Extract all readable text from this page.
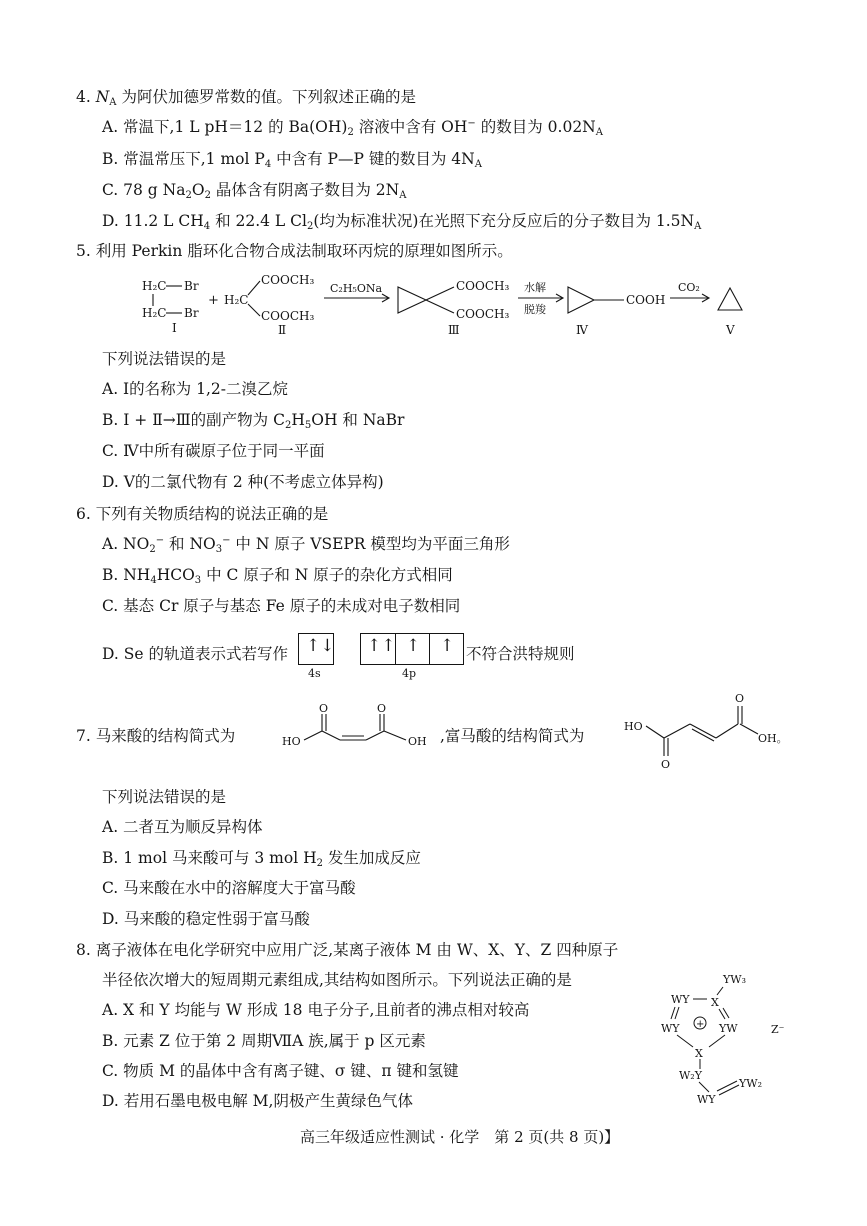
4. $N_A$ 为阿伏加德罗常数的值。下列叙述正确的是
A. 常温下,1 L pH＝12 的 $Ba(OH)_2$ 溶液中含有 OH− 的数目为 $0.02N_A$
B. 常温常压下,1 mol $P_4$ 中含有 P—P 键的数目为 $4N_A$
C. 78 g $Na_2O_2$ 晶体含有阴离子数目为 $2N_A$
D. 11.2 L $CH_4$ 和 22.4 L $Cl_2$(均为标准状况)在光照下充分反应后的分子数目为 $1.5N_A$
5. 利用 Perkin 脂环化合物合成法制取环丙烷的原理如图所示。
H₂C Br
H₂C Br
Ⅰ
+ H₂C
COOCH₃
COOCH₃
Ⅱ
C₂H₅ONa	COOCH₃
COOCH₃
Ⅲ
水解
脱羧
COOH
Ⅳ
CO₂
Ⅴ
下列说法错误的是
A. Ⅰ的名称为 1,2-二溴乙烷
B. Ⅰ + Ⅱ→Ⅲ的副产物为 $C_2H_5OH$ 和 NaBr
C. Ⅳ中所有碳原子位于同一平面
D. Ⅴ的二氯代物有 2 种(不考虑立体异构)
6. 下列有关物质结构的说法正确的是
A. $NO_2^-$ 和 $NO_3^-$ 中 N 原子 VSEPR 模型均为平面三角形
B. $NH_4HCO_3$ 中 C 原子和 N 原子的杂化方式相同
C. 基态 Cr 原子与基态 Fe 原子的未成对电子数相同
D. Se 的轨道表示式若写作 ↑↓
4s
↑↑ ↑ ↑
4p
不符合洪特规则
7. 马来酸的结构简式为	HO
O	O
OH ,富马酸的结构简式为
HO
O
O
OH。
下列说法错误的是
A. 二者互为顺反异构体
B. 1 mol 马来酸可与 3 mol $H_2$ 发生加成反应
C. 马来酸在水中的溶解度大于富马酸
D. 马来酸的稳定性弱于富马酸
8. 离子液体在电化学研究中应用广泛,某离子液体 M 由 W、X、Y、Z 四种原子
半径依次增大的短周期元素组成,其结构如图所示。下列说法正确的是
A. X 和 Y 均能与 W 形成 18 电子分子,且前者的沸点相对较高
B. 元素 Z 位于第 2 周期ⅦA 族,属于 p 区元素
C. 物质 M 的晶体中含有离子键、σ 键、π 键和氢键
D. 若用石墨电极电解 M,阴极产生黄绿色气体
YW₃
X
WY
WY + YW
X
W₂Y
WY
YW₂
Z⁻
高三年级适应性测试 · 化学　第 2 页(共 8 页)】
